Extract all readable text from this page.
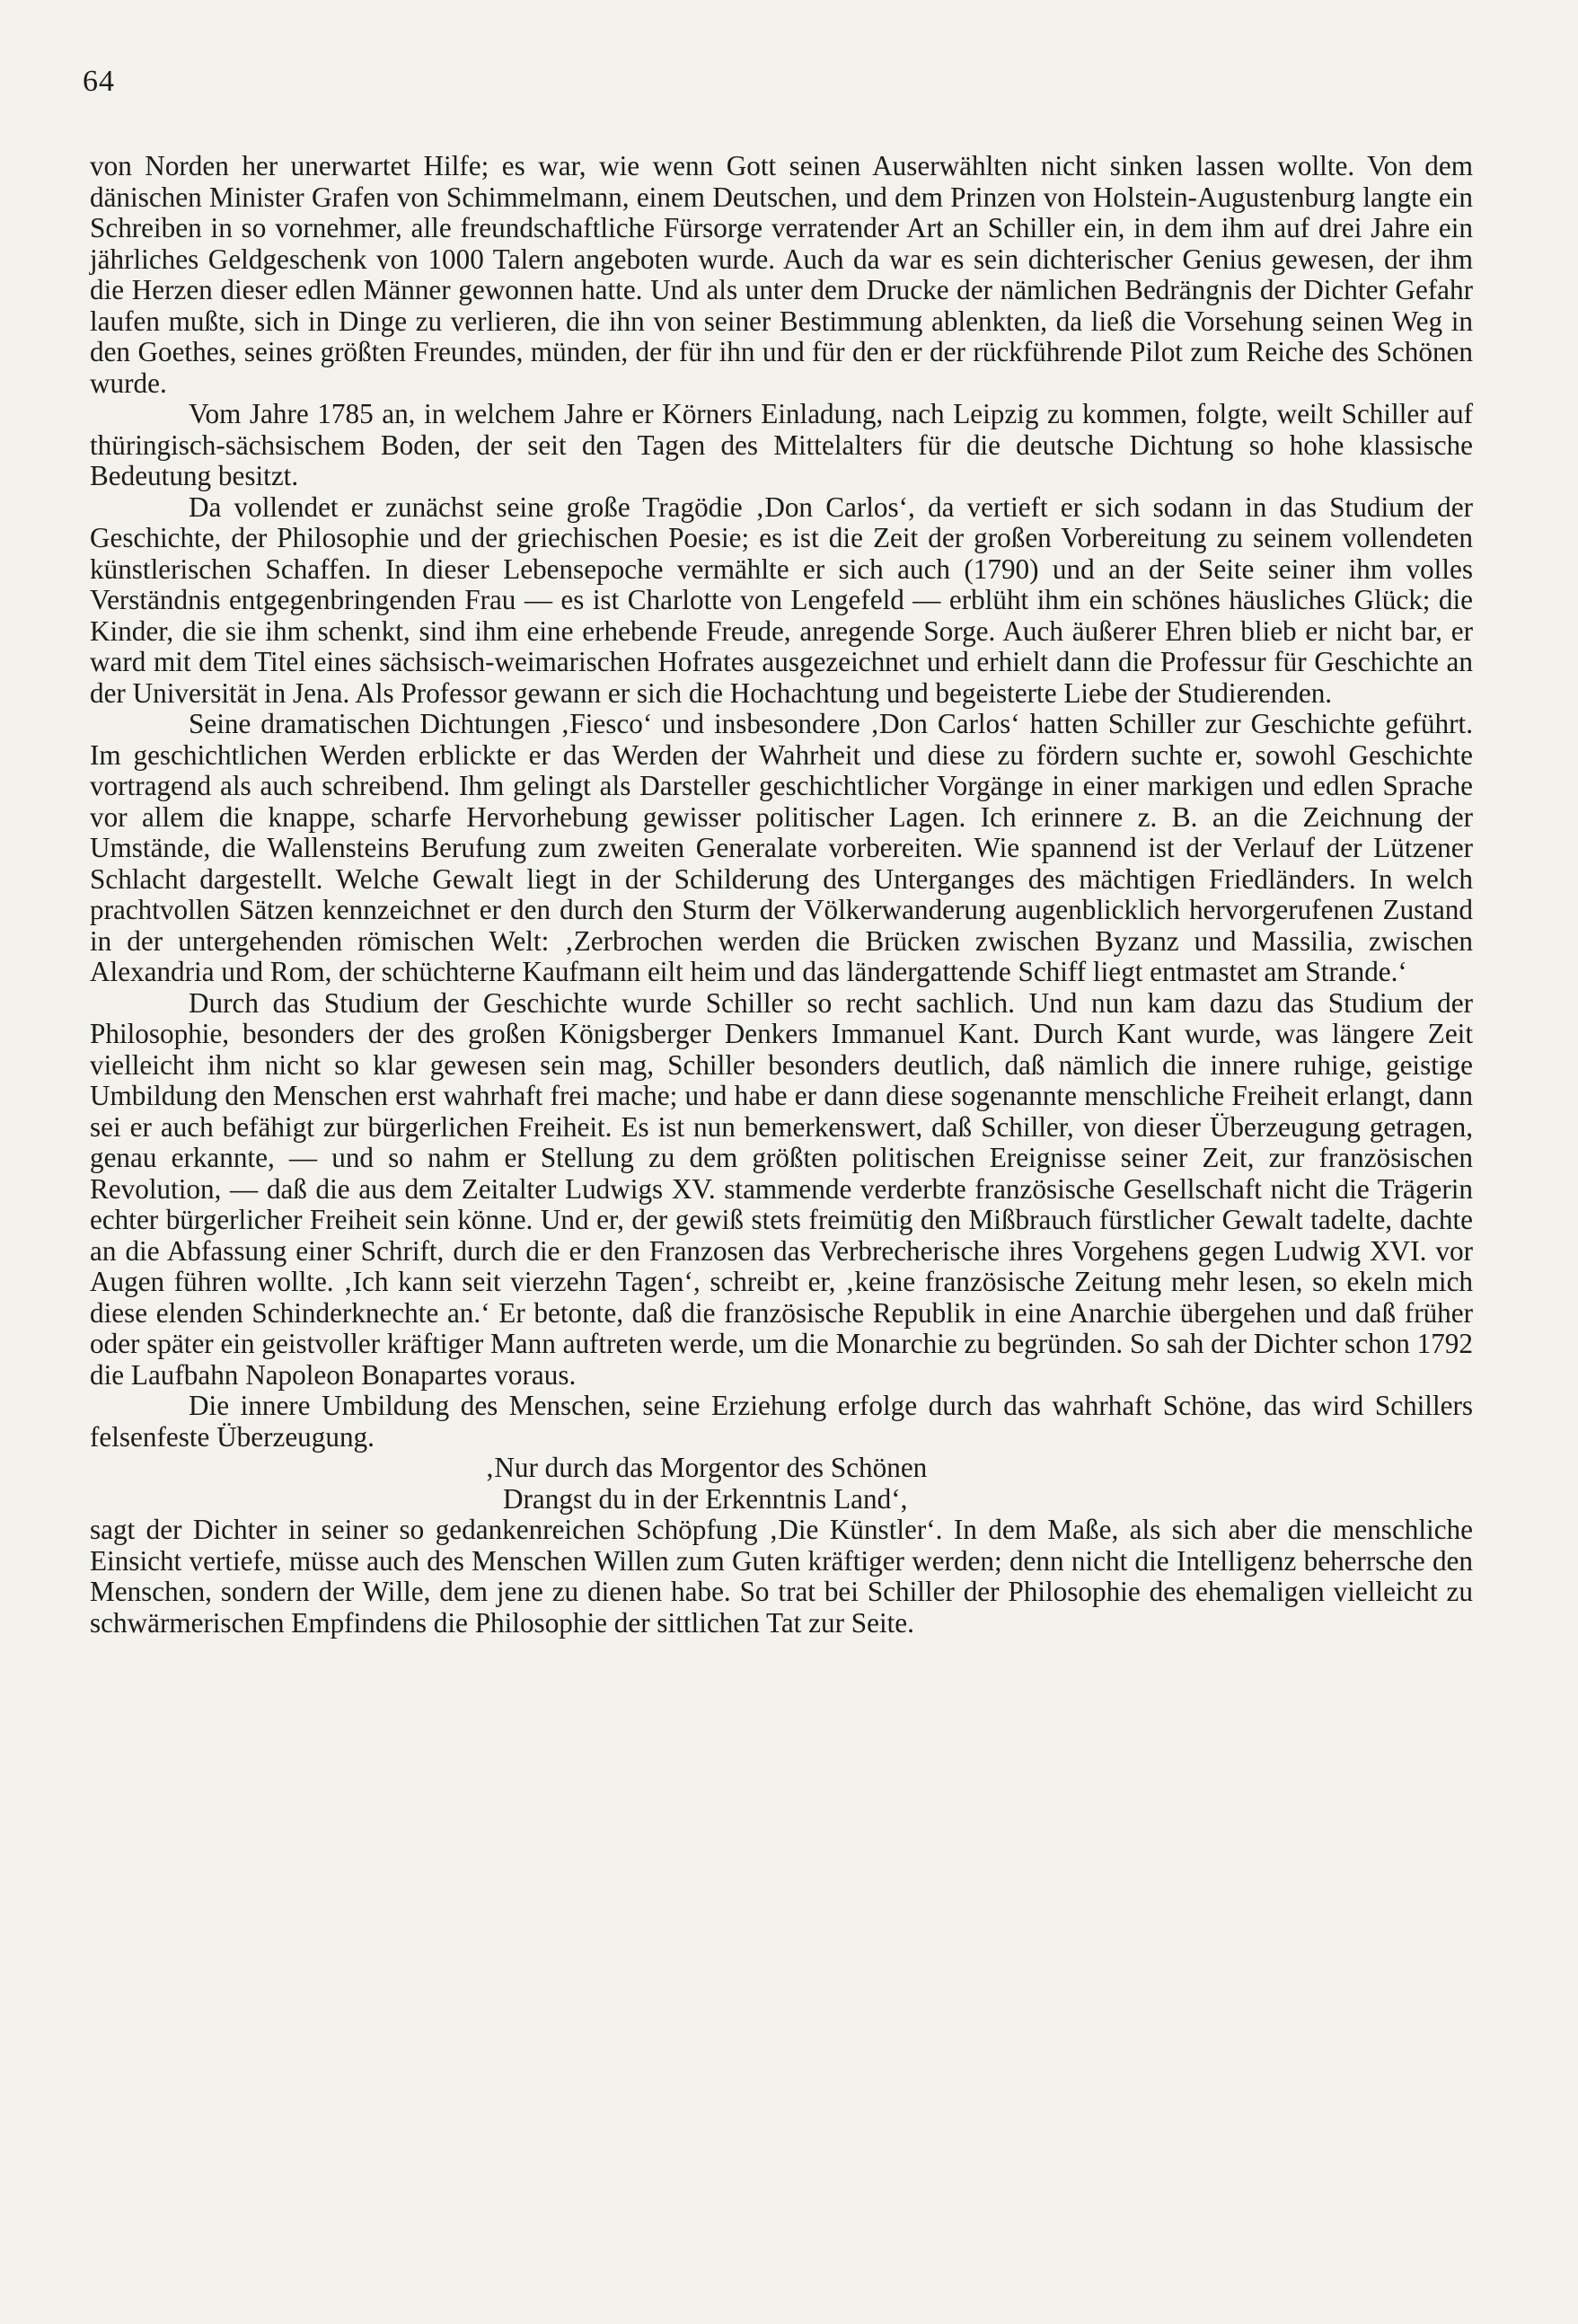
64

von Norden her unerwartet Hilfe; es war, wie wenn Gott seinen Auserwählten nicht sinken lassen wollte. Von dem dänischen Minister Grafen von Schimmelmann, einem Deutschen, und dem Prinzen von Holstein-Augustenburg langte ein Schreiben in so vornehmer, alle freundschaftliche Fürsorge verratender Art an Schiller ein, in dem ihm auf drei Jahre ein jährliches Geldgeschenk von 1000 Talern angeboten wurde. Auch da war es sein dichterischer Genius gewesen, der ihm die Herzen dieser edlen Männer gewonnen hatte. Und als unter dem Drucke der nämlichen Bedrängnis der Dichter Gefahr laufen mußte, sich in Dinge zu verlieren, die ihn von seiner Bestimmung ablenkten, da ließ die Vorsehung seinen Weg in den Goethes, seines größten Freundes, münden, der für ihn und für den er der rückführende Pilot zum Reiche des Schönen wurde.

Vom Jahre 1785 an, in welchem Jahre er Körners Einladung, nach Leipzig zu kommen, folgte, weilt Schiller auf thüringisch-sächsischem Boden, der seit den Tagen des Mittelalters für die deutsche Dichtung so hohe klassische Bedeutung besitzt.

Da vollendet er zunächst seine große Tragödie ‚Don Carlos‘, da vertieft er sich sodann in das Studium der Geschichte, der Philosophie und der griechischen Poesie; es ist die Zeit der großen Vorbereitung zu seinem vollendeten künstlerischen Schaffen. In dieser Lebensepoche vermählte er sich auch (1790) und an der Seite seiner ihm volles Verständnis entgegenbringenden Frau — es ist Charlotte von Lengefeld — erblüht ihm ein schönes häusliches Glück; die Kinder, die sie ihm schenkt, sind ihm eine erhebende Freude, anregende Sorge. Auch äußerer Ehren blieb er nicht bar, er ward mit dem Titel eines sächsisch-weimarischen Hofrates ausgezeichnet und erhielt dann die Professur für Geschichte an der Universität in Jena. Als Professor gewann er sich die Hochachtung und begeisterte Liebe der Studierenden.

Seine dramatischen Dichtungen ‚Fiesco‘ und insbesondere ‚Don Carlos‘ hatten Schiller zur Geschichte geführt. Im geschichtlichen Werden erblickte er das Werden der Wahrheit und diese zu fördern suchte er, sowohl Geschichte vortragend als auch schreibend. Ihm gelingt als Darsteller geschichtlicher Vorgänge in einer markigen und edlen Sprache vor allem die knappe, scharfe Hervorhebung gewisser politischer Lagen. Ich erinnere z. B. an die Zeichnung der Umstände, die Wallensteins Berufung zum zweiten Generalate vorbereiten. Wie spannend ist der Verlauf der Lützener Schlacht dargestellt. Welche Gewalt liegt in der Schilderung des Unterganges des mächtigen Friedländers. In welch prachtvollen Sätzen kennzeichnet er den durch den Sturm der Völkerwanderung augenblicklich hervorgerufenen Zustand in der untergehenden römischen Welt: ‚Zerbrochen werden die Brücken zwischen Byzanz und Massilia, zwischen Alexandria und Rom, der schüchterne Kaufmann eilt heim und das ländergattende Schiff liegt entmastet am Strande.‘

Durch das Studium der Geschichte wurde Schiller so recht sachlich. Und nun kam dazu das Studium der Philosophie, besonders der des großen Königsberger Denkers Immanuel Kant. Durch Kant wurde, was längere Zeit vielleicht ihm nicht so klar gewesen sein mag, Schiller besonders deutlich, daß nämlich die innere ruhige, geistige Umbildung den Menschen erst wahrhaft frei mache; und habe er dann diese sogenannte menschliche Freiheit erlangt, dann sei er auch befähigt zur bürgerlichen Freiheit. Es ist nun bemerkenswert, daß Schiller, von dieser Überzeugung getragen, genau erkannte, — und so nahm er Stellung zu dem größten politischen Ereignisse seiner Zeit, zur französischen Revolution, — daß die aus dem Zeitalter Ludwigs XV. stammende verderbte französische Gesellschaft nicht die Trägerin echter bürgerlicher Freiheit sein könne. Und er, der gewiß stets freimütig den Mißbrauch fürstlicher Gewalt tadelte, dachte an die Abfassung einer Schrift, durch die er den Franzosen das Verbrecherische ihres Vorgehens gegen Ludwig XVI. vor Augen führen wollte. ‚Ich kann seit vierzehn Tagen‘, schreibt er, ‚keine französische Zeitung mehr lesen, so ekeln mich diese elenden Schinderknechte an.‘ Er betonte, daß die französische Republik in eine Anarchie übergehen und daß früher oder später ein geistvoller kräftiger Mann auftreten werde, um die Monarchie zu begründen. So sah der Dichter schon 1792 die Laufbahn Napoleon Bonapartes voraus.

Die innere Umbildung des Menschen, seine Erziehung erfolge durch das wahrhaft Schöne, das wird Schillers felsenfeste Überzeugung.

‚Nur durch das Morgentor des Schönen
Drangst du in der Erkenntnis Land‘,

sagt der Dichter in seiner so gedankenreichen Schöpfung ‚Die Künstler‘. In dem Maße, als sich aber die menschliche Einsicht vertiefe, müsse auch des Menschen Willen zum Guten kräftiger werden; denn nicht die Intelligenz beherrsche den Menschen, sondern der Wille, dem jene zu dienen habe. So trat bei Schiller der Philosophie des ehemaligen vielleicht zu schwärmerischen Empfindens die Philosophie der sittlichen Tat zur Seite.
